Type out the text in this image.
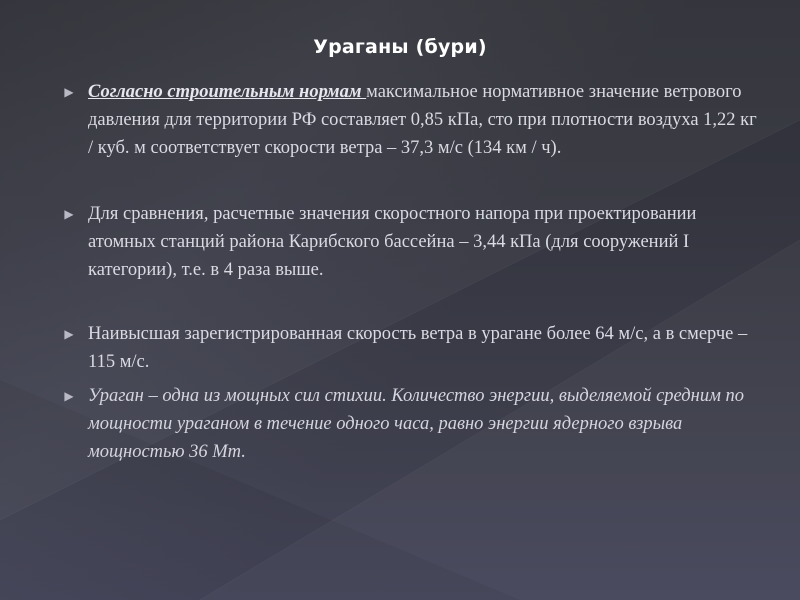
Ураганы (бури)
▶︎ Согласно строительным нормам максимальное нормативное значение ветрового давления для территории РФ составляет 0,85 кПа, сто при плотности воздуха 1,22 кг / куб. м соответствует скорости ветра – 37,3 м/с (134 км / ч).
▶︎ Для сравнения, расчетные значения скоростного напора при проектировании атомных станций района Карибского бассейна – 3,44 кПа (для сооружений I категории), т.е. в 4 раза выше.
▶︎ Наивысшая зарегистрированная скорость ветра в урагане более 64 м/с, а в смерче – 115 м/с.
▶︎ Ураган – одна из мощных сил стихии. Количество энергии, выделяемой средним по мощности ураганом в течение одного часа, равно энергии ядерного взрыва мощностью 36 Мт.
